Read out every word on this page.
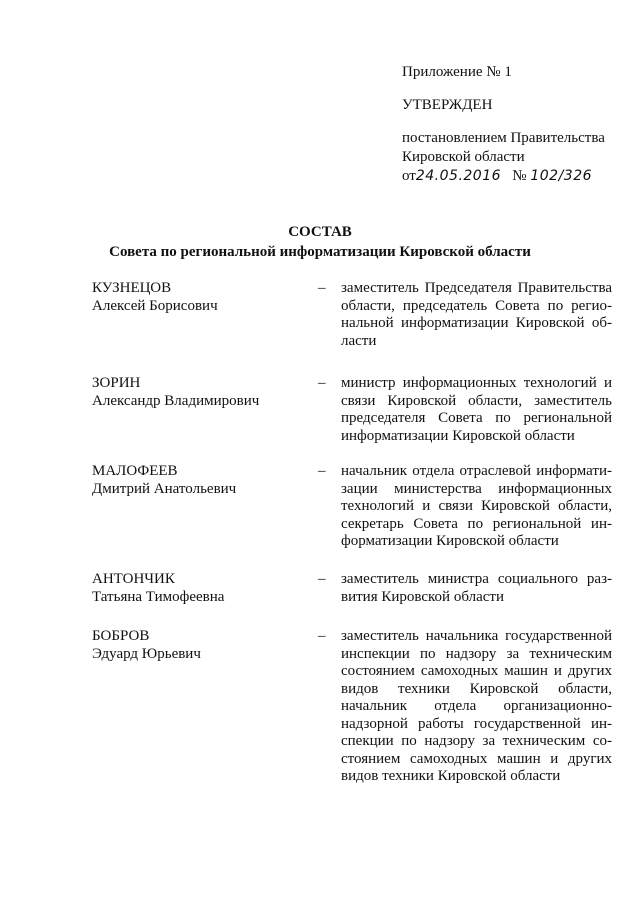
Приложение № 1
УТВЕРЖДЕН
постановлением Правительства
Кировской области
от24.05.2016 № 102/326
СОСТАВ
Совета по региональной информатизации Кировской области
КУЗНЕЦОВ
Алексей Борисович
– заместитель Председателя Правительства
области, председатель Совета по регио-
нальной информатизации Кировской об-
ласти
ЗОРИН
Александр Владимирович
– министр информационных технологий и
связи Кировской области, заместитель
председателя Совета по региональной
информатизации Кировской области
МАЛОФЕЕВ
Дмитрий Анатольевич
– начальник отдела отраслевой информати-
зации министерства информационных
технологий и связи Кировской области,
секретарь Совета по региональной ин-
форматизации Кировской области
АНТОНЧИК
Татьяна Тимофеевна
– заместитель министра социального раз-
вития Кировской области
БОБРОВ
Эдуард Юрьевич
– заместитель начальника государственной
инспекции по надзору за техническим
состоянием самоходных машин и других
видов техники Кировской области,
начальник отдела организационно-
надзорной работы государственной ин-
спекции по надзору за техническим со-
стоянием самоходных машин и других
видов техники Кировской области
